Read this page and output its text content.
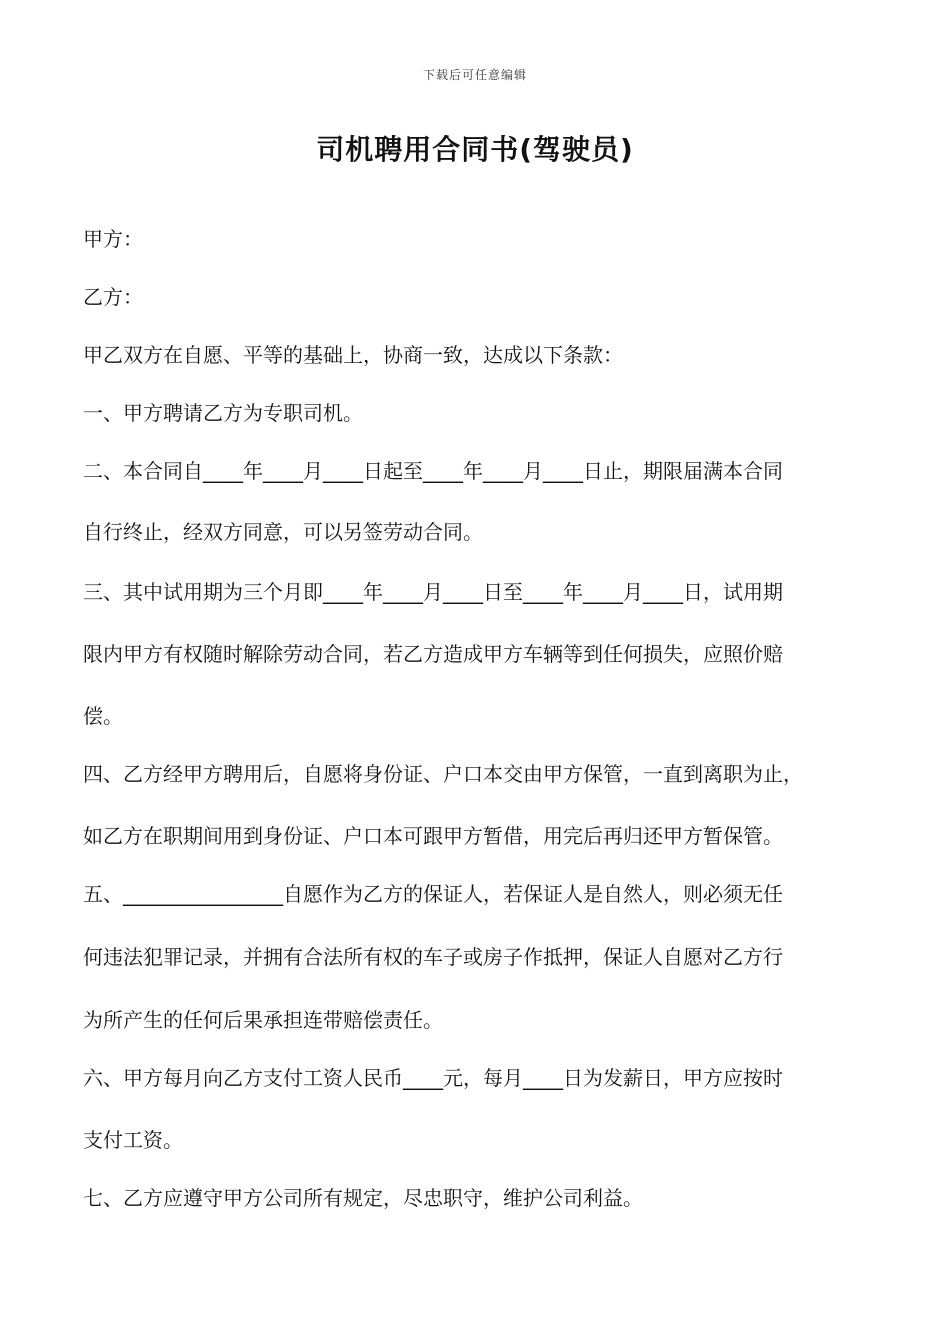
下载后可任意编辑
司机聘用合同书(驾驶员)
甲方：
乙方：
甲乙双方在自愿、平等的基础上，协商一致，达成以下条款：
一、甲方聘请乙方为专职司机。
二、本合同自____年____月____日起至____年____月____日止，期限届满本合同
自行终止，经双方同意，可以另签劳动合同。
三、其中试用期为三个月即____年____月____日至____年____月____日，试用期
限内甲方有权随时解除劳动合同，若乙方造成甲方车辆等到任何损失，应照价赔
偿。
四、乙方经甲方聘用后，自愿将身份证、户口本交由甲方保管，一直到离职为止，
如乙方在职期间用到身份证、户口本可跟甲方暂借，用完后再归还甲方暂保管。
五、________________自愿作为乙方的保证人，若保证人是自然人，则必须无任
何违法犯罪记录，并拥有合法所有权的车子或房子作抵押，保证人自愿对乙方行
为所产生的任何后果承担连带赔偿责任。
六、甲方每月向乙方支付工资人民币____元，每月____日为发薪日，甲方应按时
支付工资。
七、乙方应遵守甲方公司所有规定，尽忠职守，维护公司利益。
